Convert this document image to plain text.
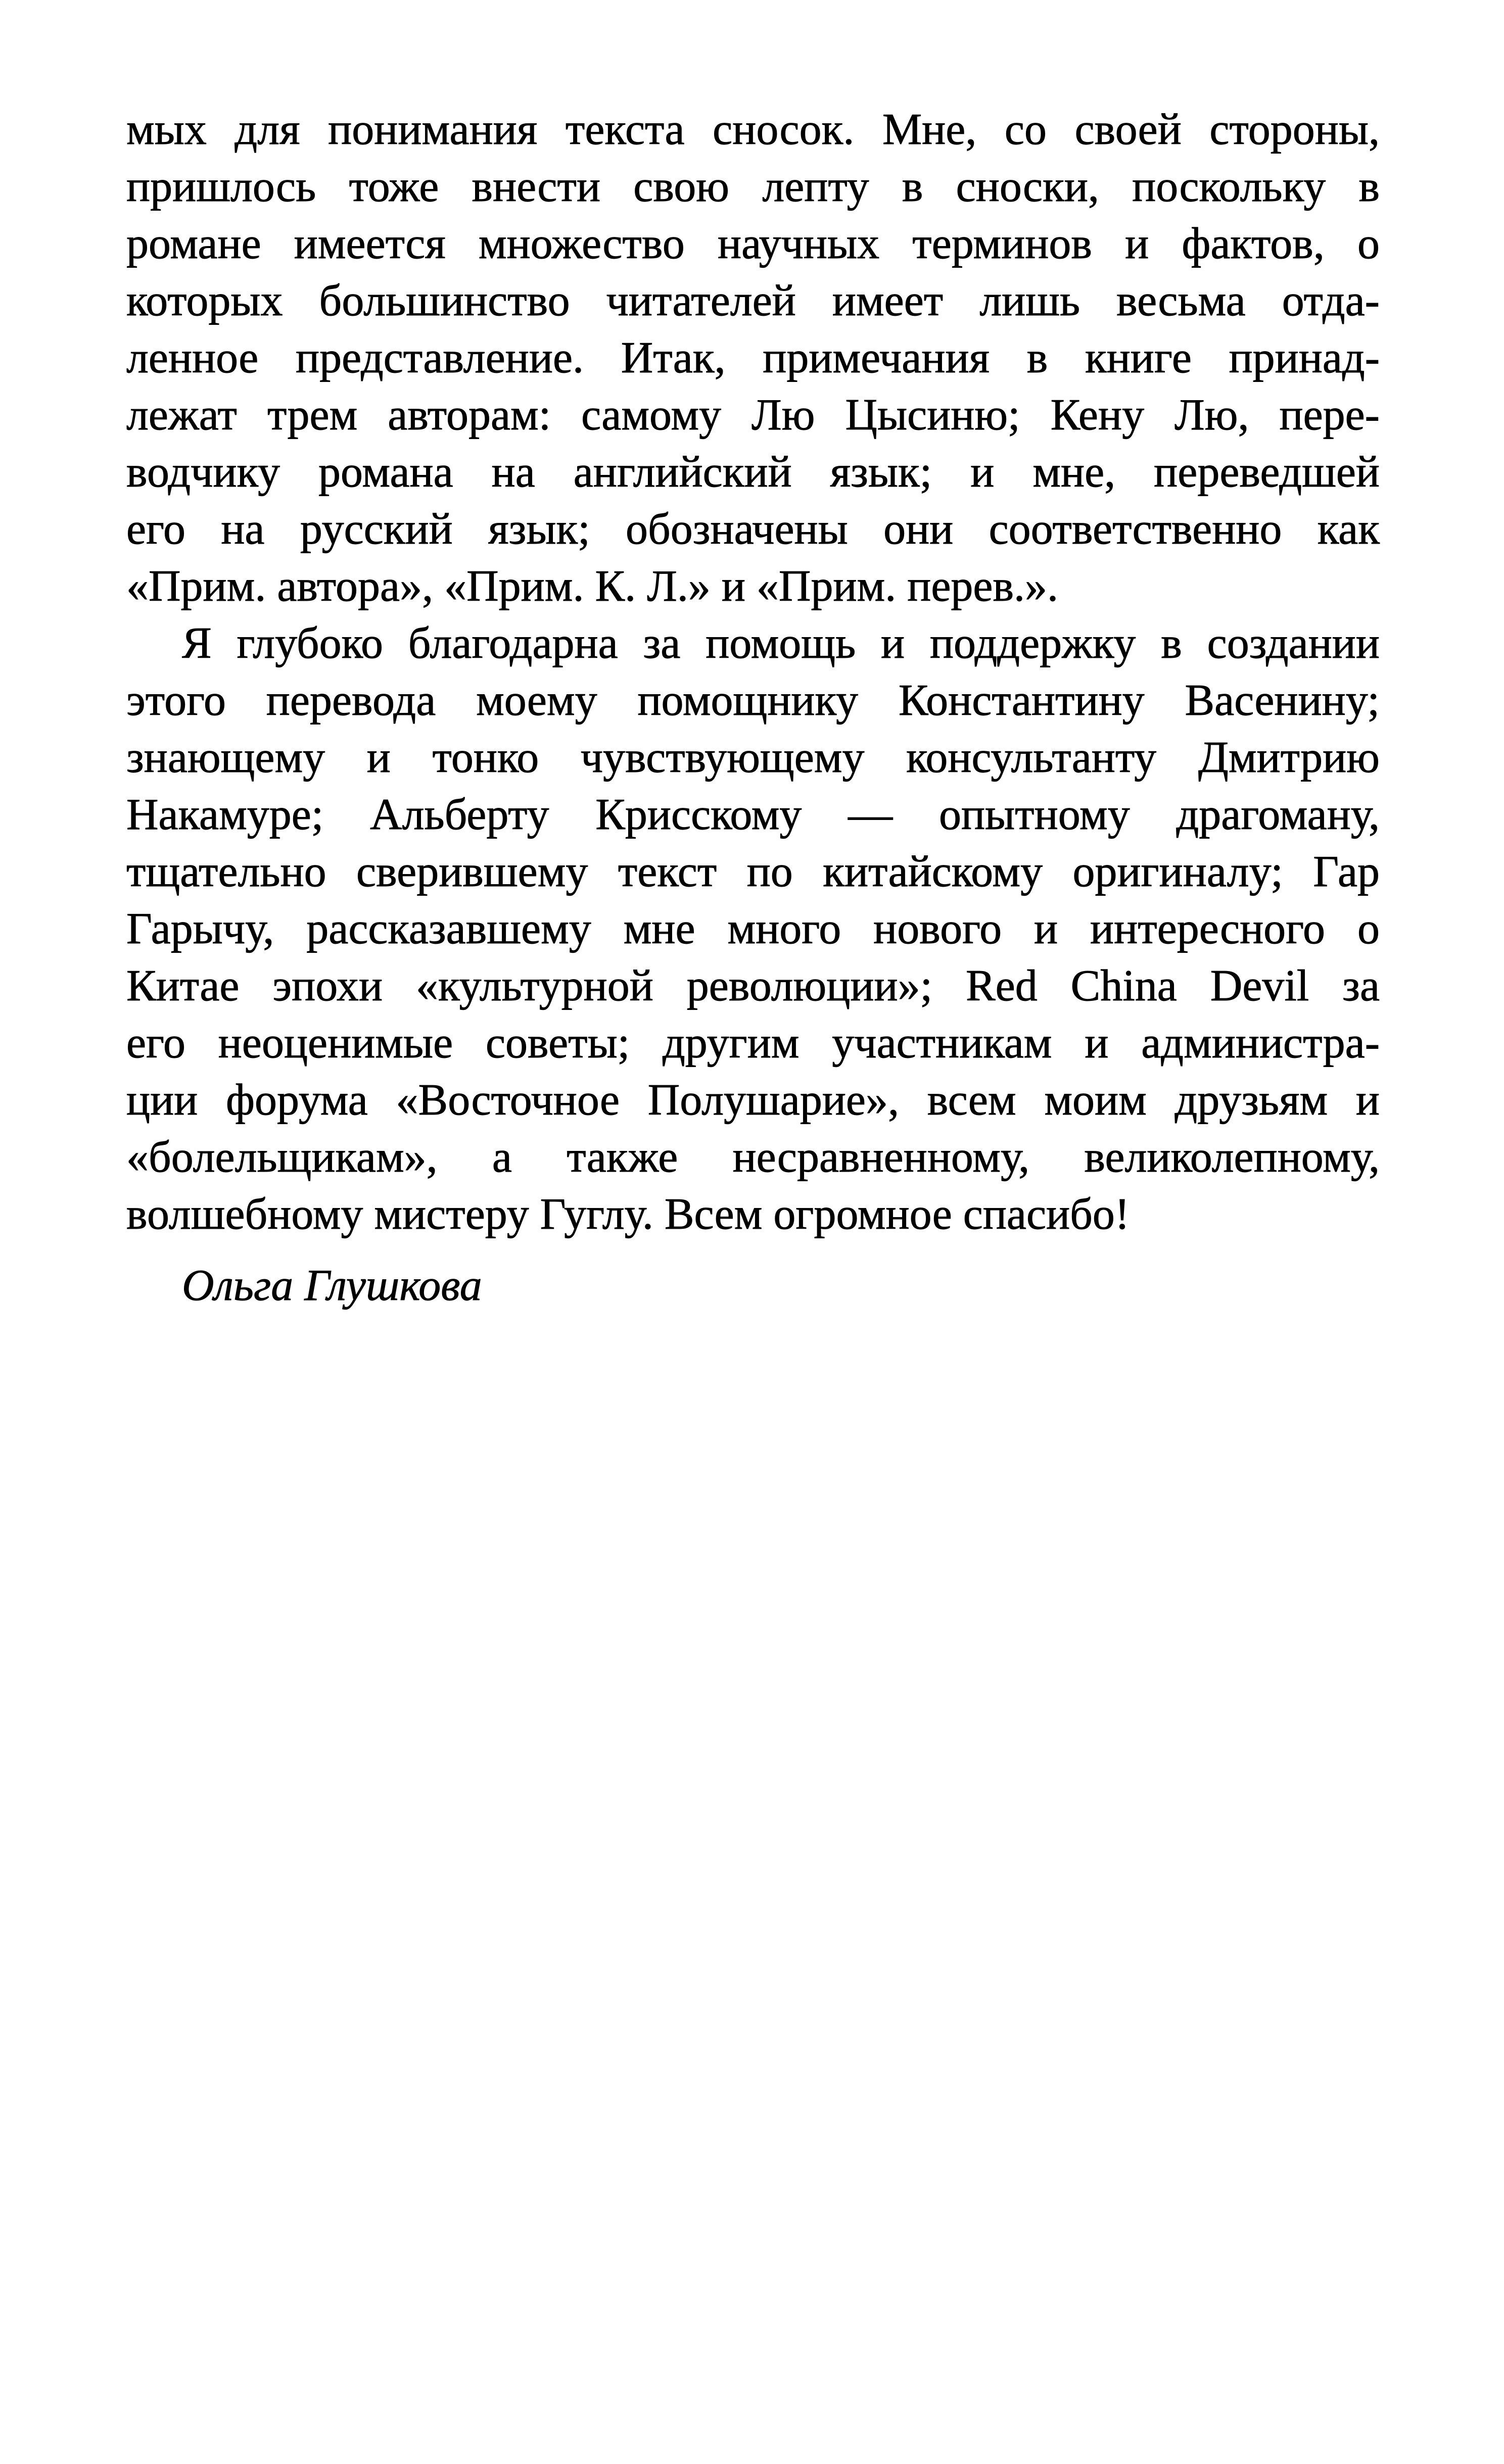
мых для понимания текста сносок. Мне, со своей стороны,
пришлось тоже внести свою лепту в сноски, поскольку в
романе имеется множество научных терминов и фактов, о
которых большинство читателей имеет лишь весьма отда-
ленное представление. Итак, примечания в книге принад-
лежат трем авторам: самому Лю Цысиню; Кену Лю, пере-
водчику романа на английский язык; и мне, переведшей
его на русский язык; обозначены они соответственно как
«Прим. автора», «Прим. К. Л.» и «Прим. перев.».
Я глубоко благодарна за помощь и поддержку в создании
этого перевода моему помощнику Константину Васенину;
знающему и тонко чувствующему консультанту Дмитрию
Накамуре; Альберту Крисскому — опытному драгоману,
тщательно сверившему текст по китайскому оригиналу; Гар
Гарычу, рассказавшему мне много нового и интересного о
Китае эпохи «культурной революции»; Red China Devil за
его неоценимые советы; другим участникам и администра-
ции форума «Восточное Полушарие», всем моим друзьям и
«болельщикам», а также несравненному, великолепному,
волшебному мистеру Гуглу. Всем огромное спасибо!
Ольга Глушкова
